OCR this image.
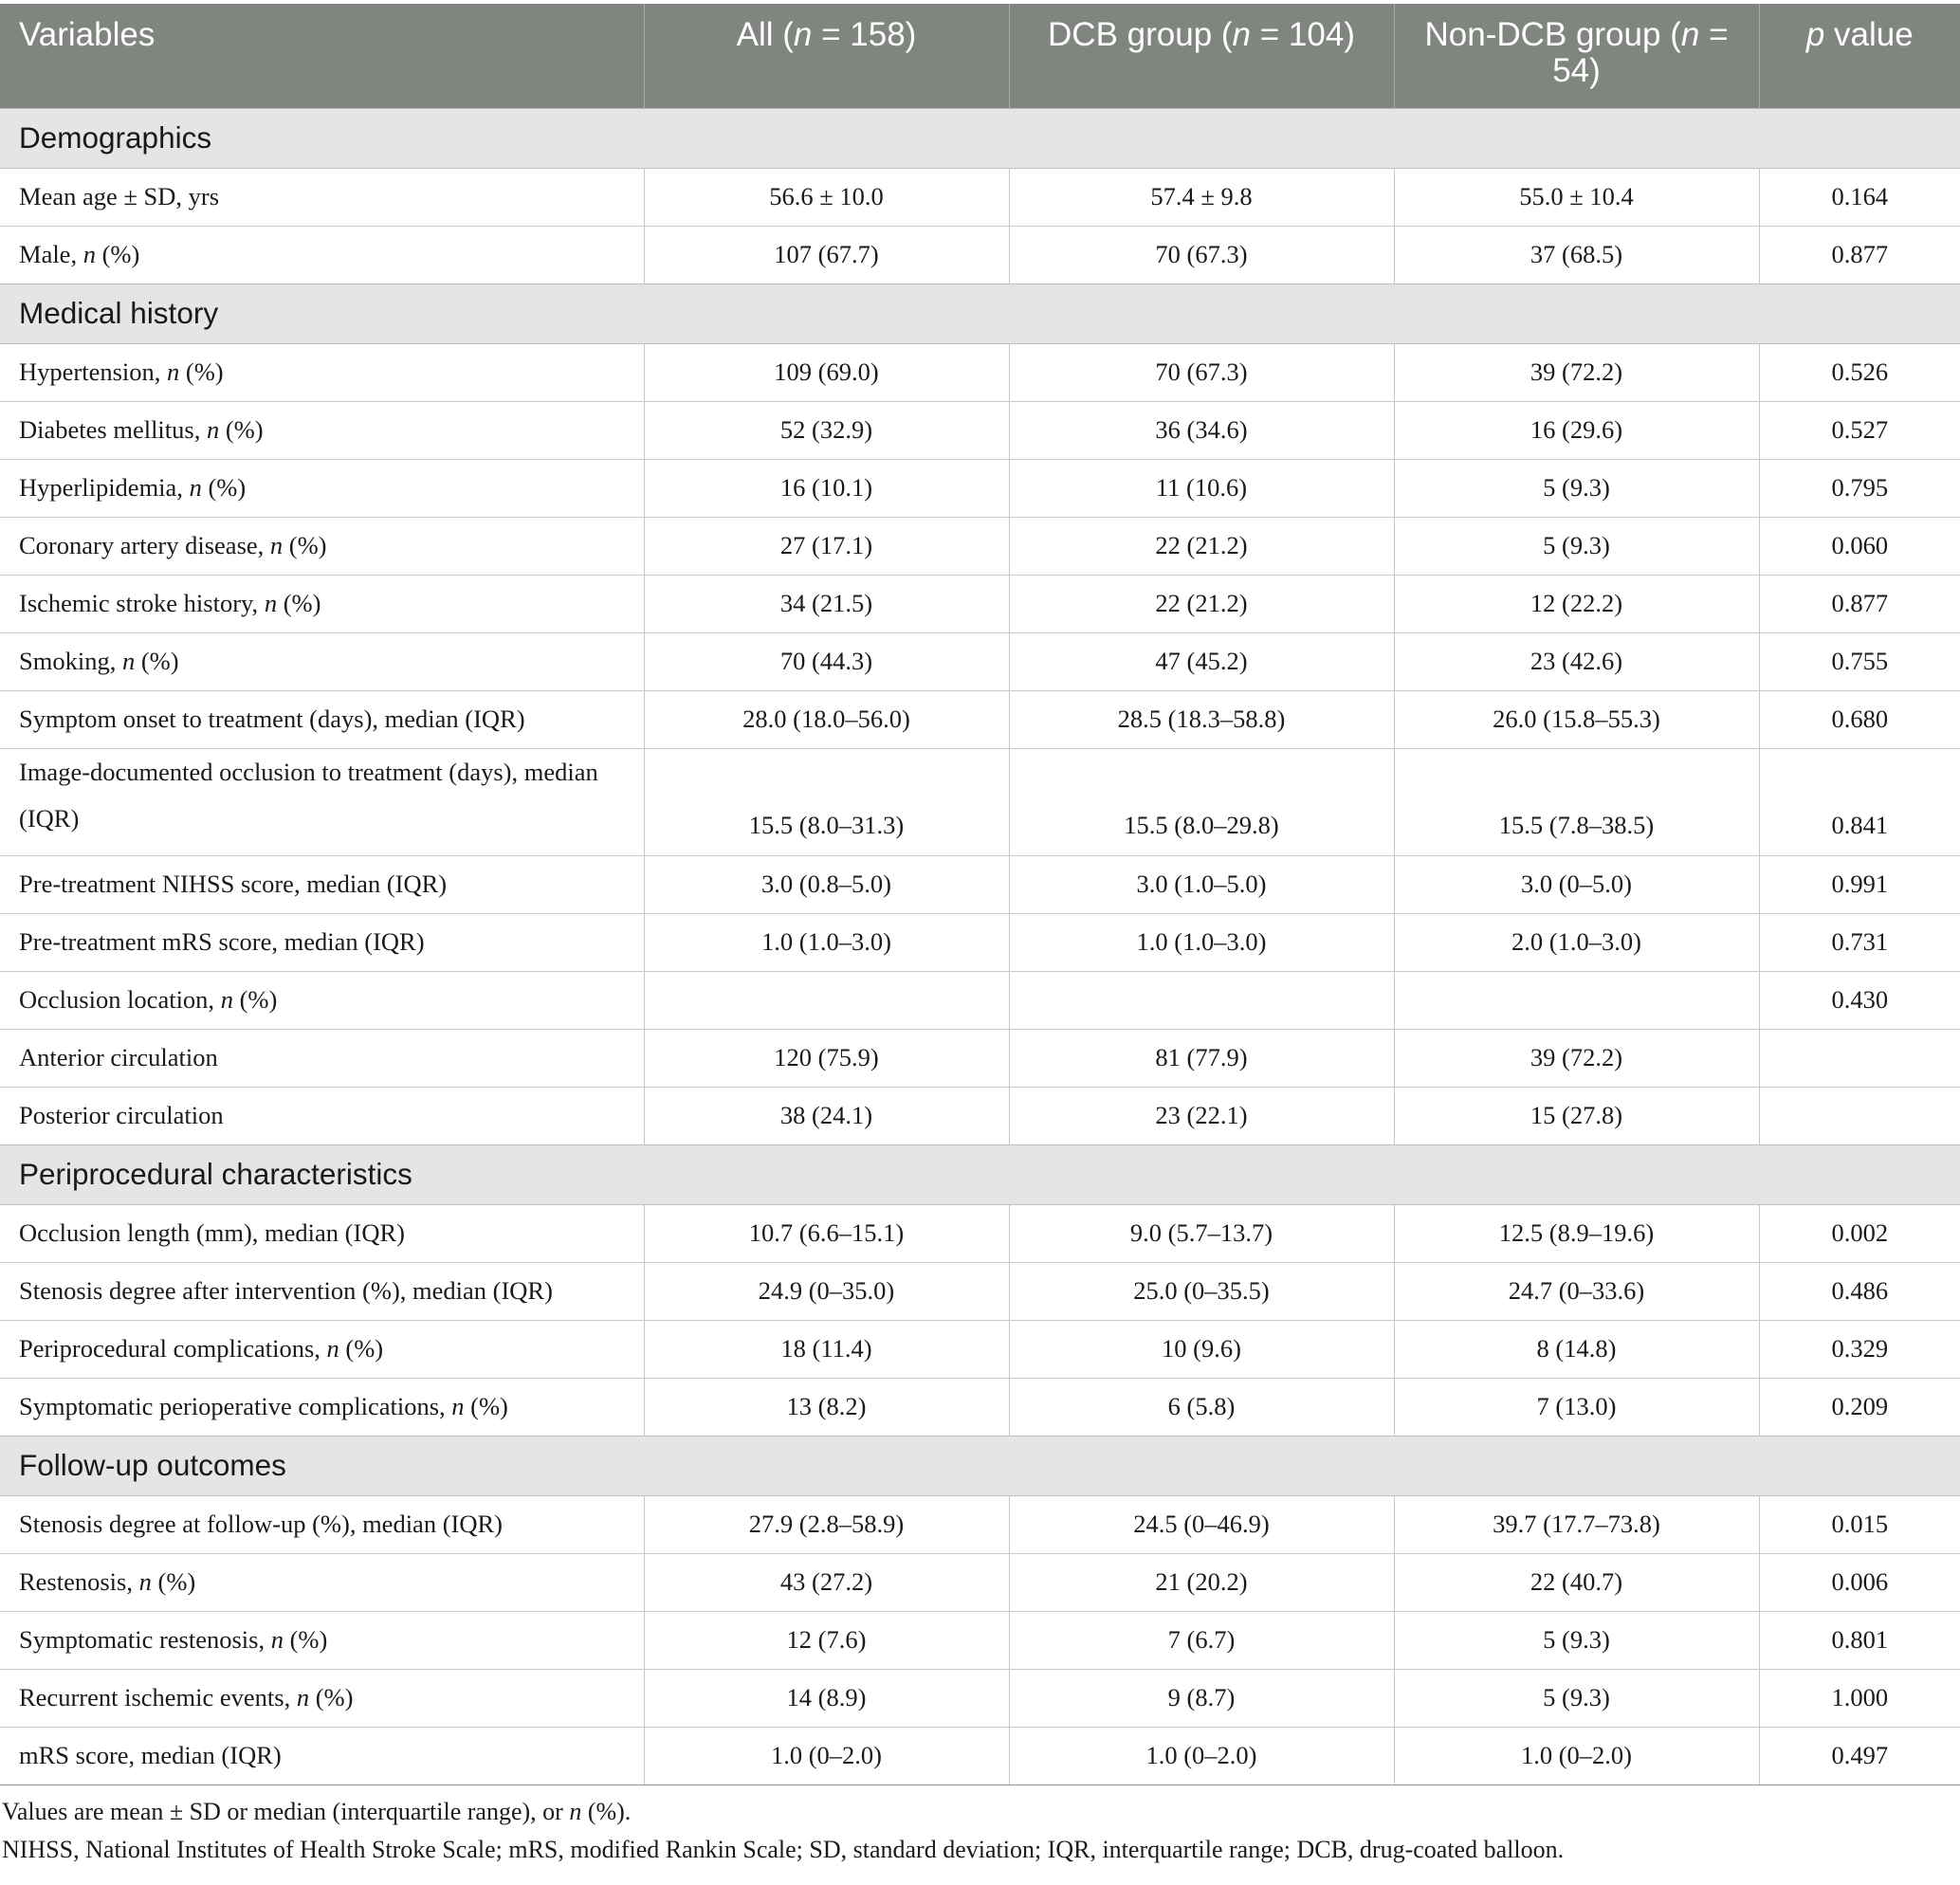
Variables	All (n = 158)	DCB group (n = 104)	Non-DCB group (n = 54)	p value
Demographics				
Mean age ± SD, yrs	56.6 ± 10.0	57.4 ± 9.8	55.0 ± 10.4	0.164
Male, n (%)	107 (67.7)	70 (67.3)	37 (68.5)	0.877
Medical history				
Hypertension, n (%)	109 (69.0)	70 (67.3)	39 (72.2)	0.526
Diabetes mellitus, n (%)	52 (32.9)	36 (34.6)	16 (29.6)	0.527
Hyperlipidemia, n (%)	16 (10.1)	11 (10.6)	5 (9.3)	0.795
Coronary artery disease, n (%)	27 (17.1)	22 (21.2)	5 (9.3)	0.060
Ischemic stroke history, n (%)	34 (21.5)	22 (21.2)	12 (22.2)	0.877
Smoking, n (%)	70 (44.3)	47 (45.2)	23 (42.6)	0.755
Symptom onset to treatment (days), median (IQR)	28.0 (18.0–56.0)	28.5 (18.3–58.8)	26.0 (15.8–55.3)	0.680
Image-documented occlusion to treatment (days), median (IQR)	15.5 (8.0–31.3)	15.5 (8.0–29.8)	15.5 (7.8–38.5)	0.841
Pre-treatment NIHSS score, median (IQR)	3.0 (0.8–5.0)	3.0 (1.0–5.0)	3.0 (0–5.0)	0.991
Pre-treatment mRS score, median (IQR)	1.0 (1.0–3.0)	1.0 (1.0–3.0)	2.0 (1.0–3.0)	0.731
Occlusion location, n (%)				0.430
Anterior circulation	120 (75.9)	81 (77.9)	39 (72.2)	
Posterior circulation	38 (24.1)	23 (22.1)	15 (27.8)	
Periprocedural characteristics				
Occlusion length (mm), median (IQR)	10.7 (6.6–15.1)	9.0 (5.7–13.7)	12.5 (8.9–19.6)	0.002
Stenosis degree after intervention (%), median (IQR)	24.9 (0–35.0)	25.0 (0–35.5)	24.7 (0–33.6)	0.486
Periprocedural complications, n (%)	18 (11.4)	10 (9.6)	8 (14.8)	0.329
Symptomatic perioperative complications, n (%)	13 (8.2)	6 (5.8)	7 (13.0)	0.209
Follow-up outcomes				
Stenosis degree at follow-up (%), median (IQR)	27.9 (2.8–58.9)	24.5 (0–46.9)	39.7 (17.7–73.8)	0.015
Restenosis, n (%)	43 (27.2)	21 (20.2)	22 (40.7)	0.006
Symptomatic restenosis, n (%)	12 (7.6)	7 (6.7)	5 (9.3)	0.801
Recurrent ischemic events, n (%)	14 (8.9)	9 (8.7)	5 (9.3)	1.000
mRS score, median (IQR)	1.0 (0–2.0)	1.0 (0–2.0)	1.0 (0–2.0)	0.497

Values are mean ± SD or median (interquartile range), or n (%).

NIHSS, National Institutes of Health Stroke Scale; mRS, modified Rankin Scale; SD, standard deviation; IQR, interquartile range; DCB, drug-coated balloon.
